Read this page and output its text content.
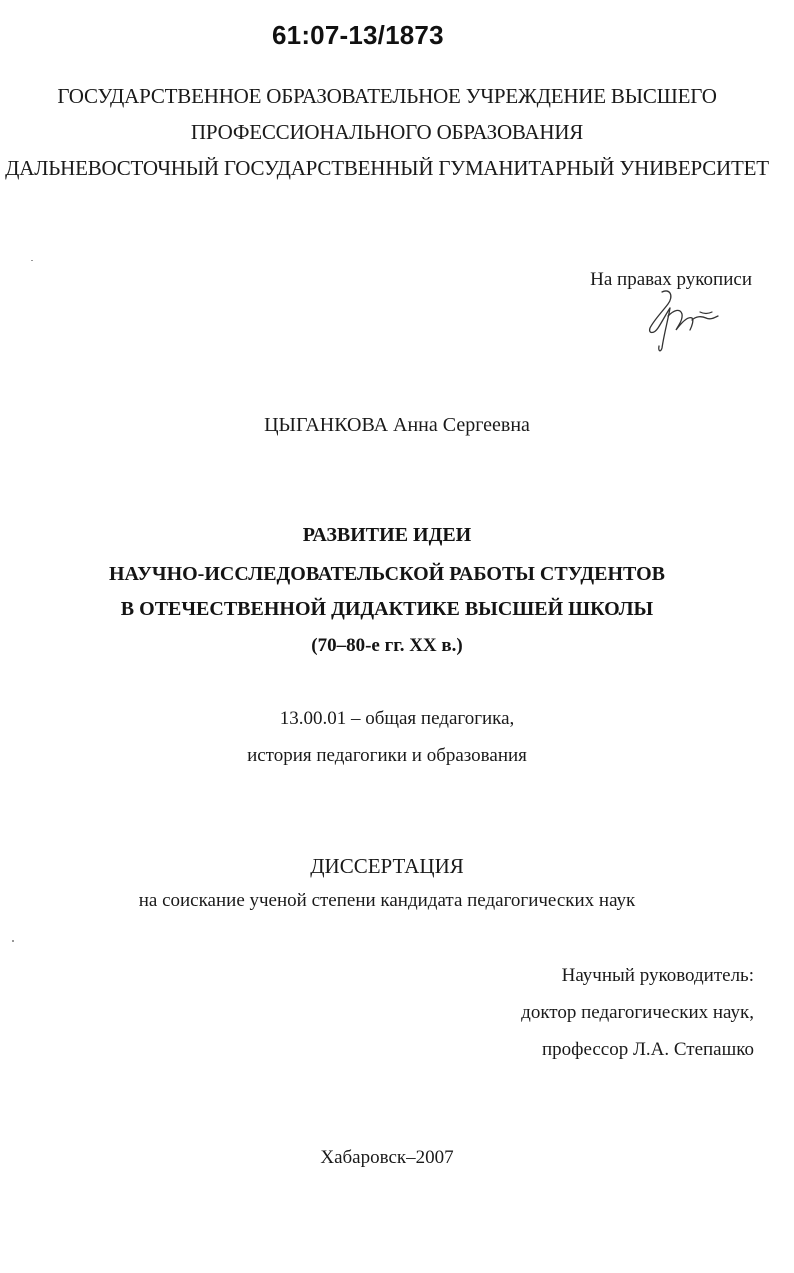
61:07-13/1873
ГОСУДАРСТВЕННОЕ ОБРАЗОВАТЕЛЬНОЕ УЧРЕЖДЕНИЕ ВЫСШЕГО
ПРОФЕССИОНАЛЬНОГО ОБРАЗОВАНИЯ
ДАЛЬНЕВОСТОЧНЫЙ ГОСУДАРСТВЕННЫЙ ГУМАНИТАРНЫЙ УНИВЕРСИТЕТ
На правах рукописи
ЦЫГАНКОВА Анна Сергеевна
РАЗВИТИЕ ИДЕИ
НАУЧНО-ИССЛЕДОВАТЕЛЬСКОЙ РАБОТЫ СТУДЕНТОВ
В ОТЕЧЕСТВЕННОЙ ДИДАКТИКЕ ВЫСШЕЙ ШКОЛЫ
(70–80-е гг. XX в.)
13.00.01 – общая педагогика,
история педагогики и образования
ДИССЕРТАЦИЯ
на соискание ученой степени кандидата педагогических наук
Научный руководитель:
доктор педагогических наук,
профессор Л.А. Степашко
Хабаровск–2007
